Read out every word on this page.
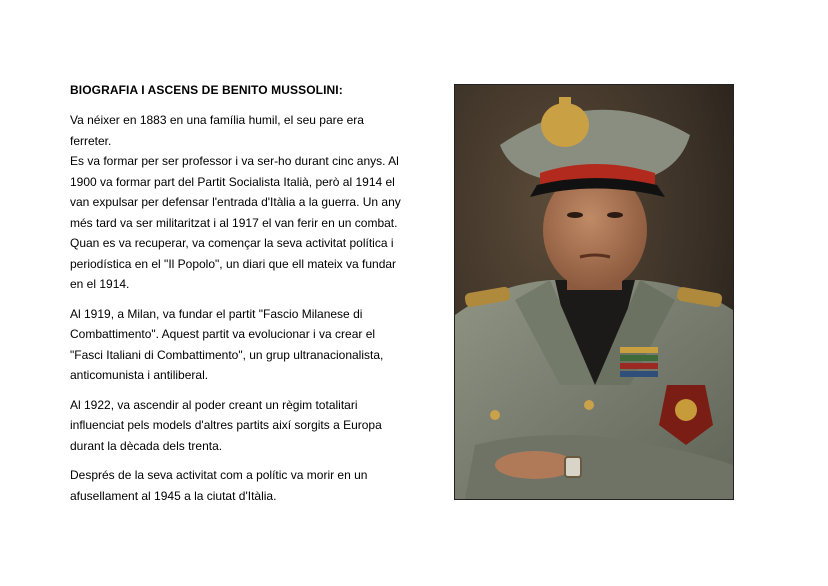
BIOGRAFIA I ASCENS DE BENITO MUSSOLINI:

Va néixer en 1883 en una família humil, el seu pare era
ferreter.
Es va formar per ser professor i va ser-ho durant cinc anys. Al
1900 va formar part del Partit Socialista Italià, però al 1914 el
van expulsar per defensar l'entrada d'Itàlia a la guerra. Un any
més tard va ser militaritzat i al 1917 el van ferir en un combat.
Quan es va recuperar, va començar la seva activitat política i
periodística en el "Il Popolo", un diari que ell mateix va fundar
en el 1914.

Al 1919, a Milan, va fundar el partit "Fascio Milanese di
Combattimento". Aquest partit va evolucionar i va crear el
"Fasci Italiani di Combattimento", un grup ultranacionalista,
anticomunista i antiliberal.

Al 1922, va ascendir al poder creant un règim totalitari
influenciat pels models d'altres partits així sorgits a Europa
durant la dècada dels trenta.

Després de la seva activitat com a polític va morir en un
afusellament al 1945 a la ciutat d'Itàlia.
